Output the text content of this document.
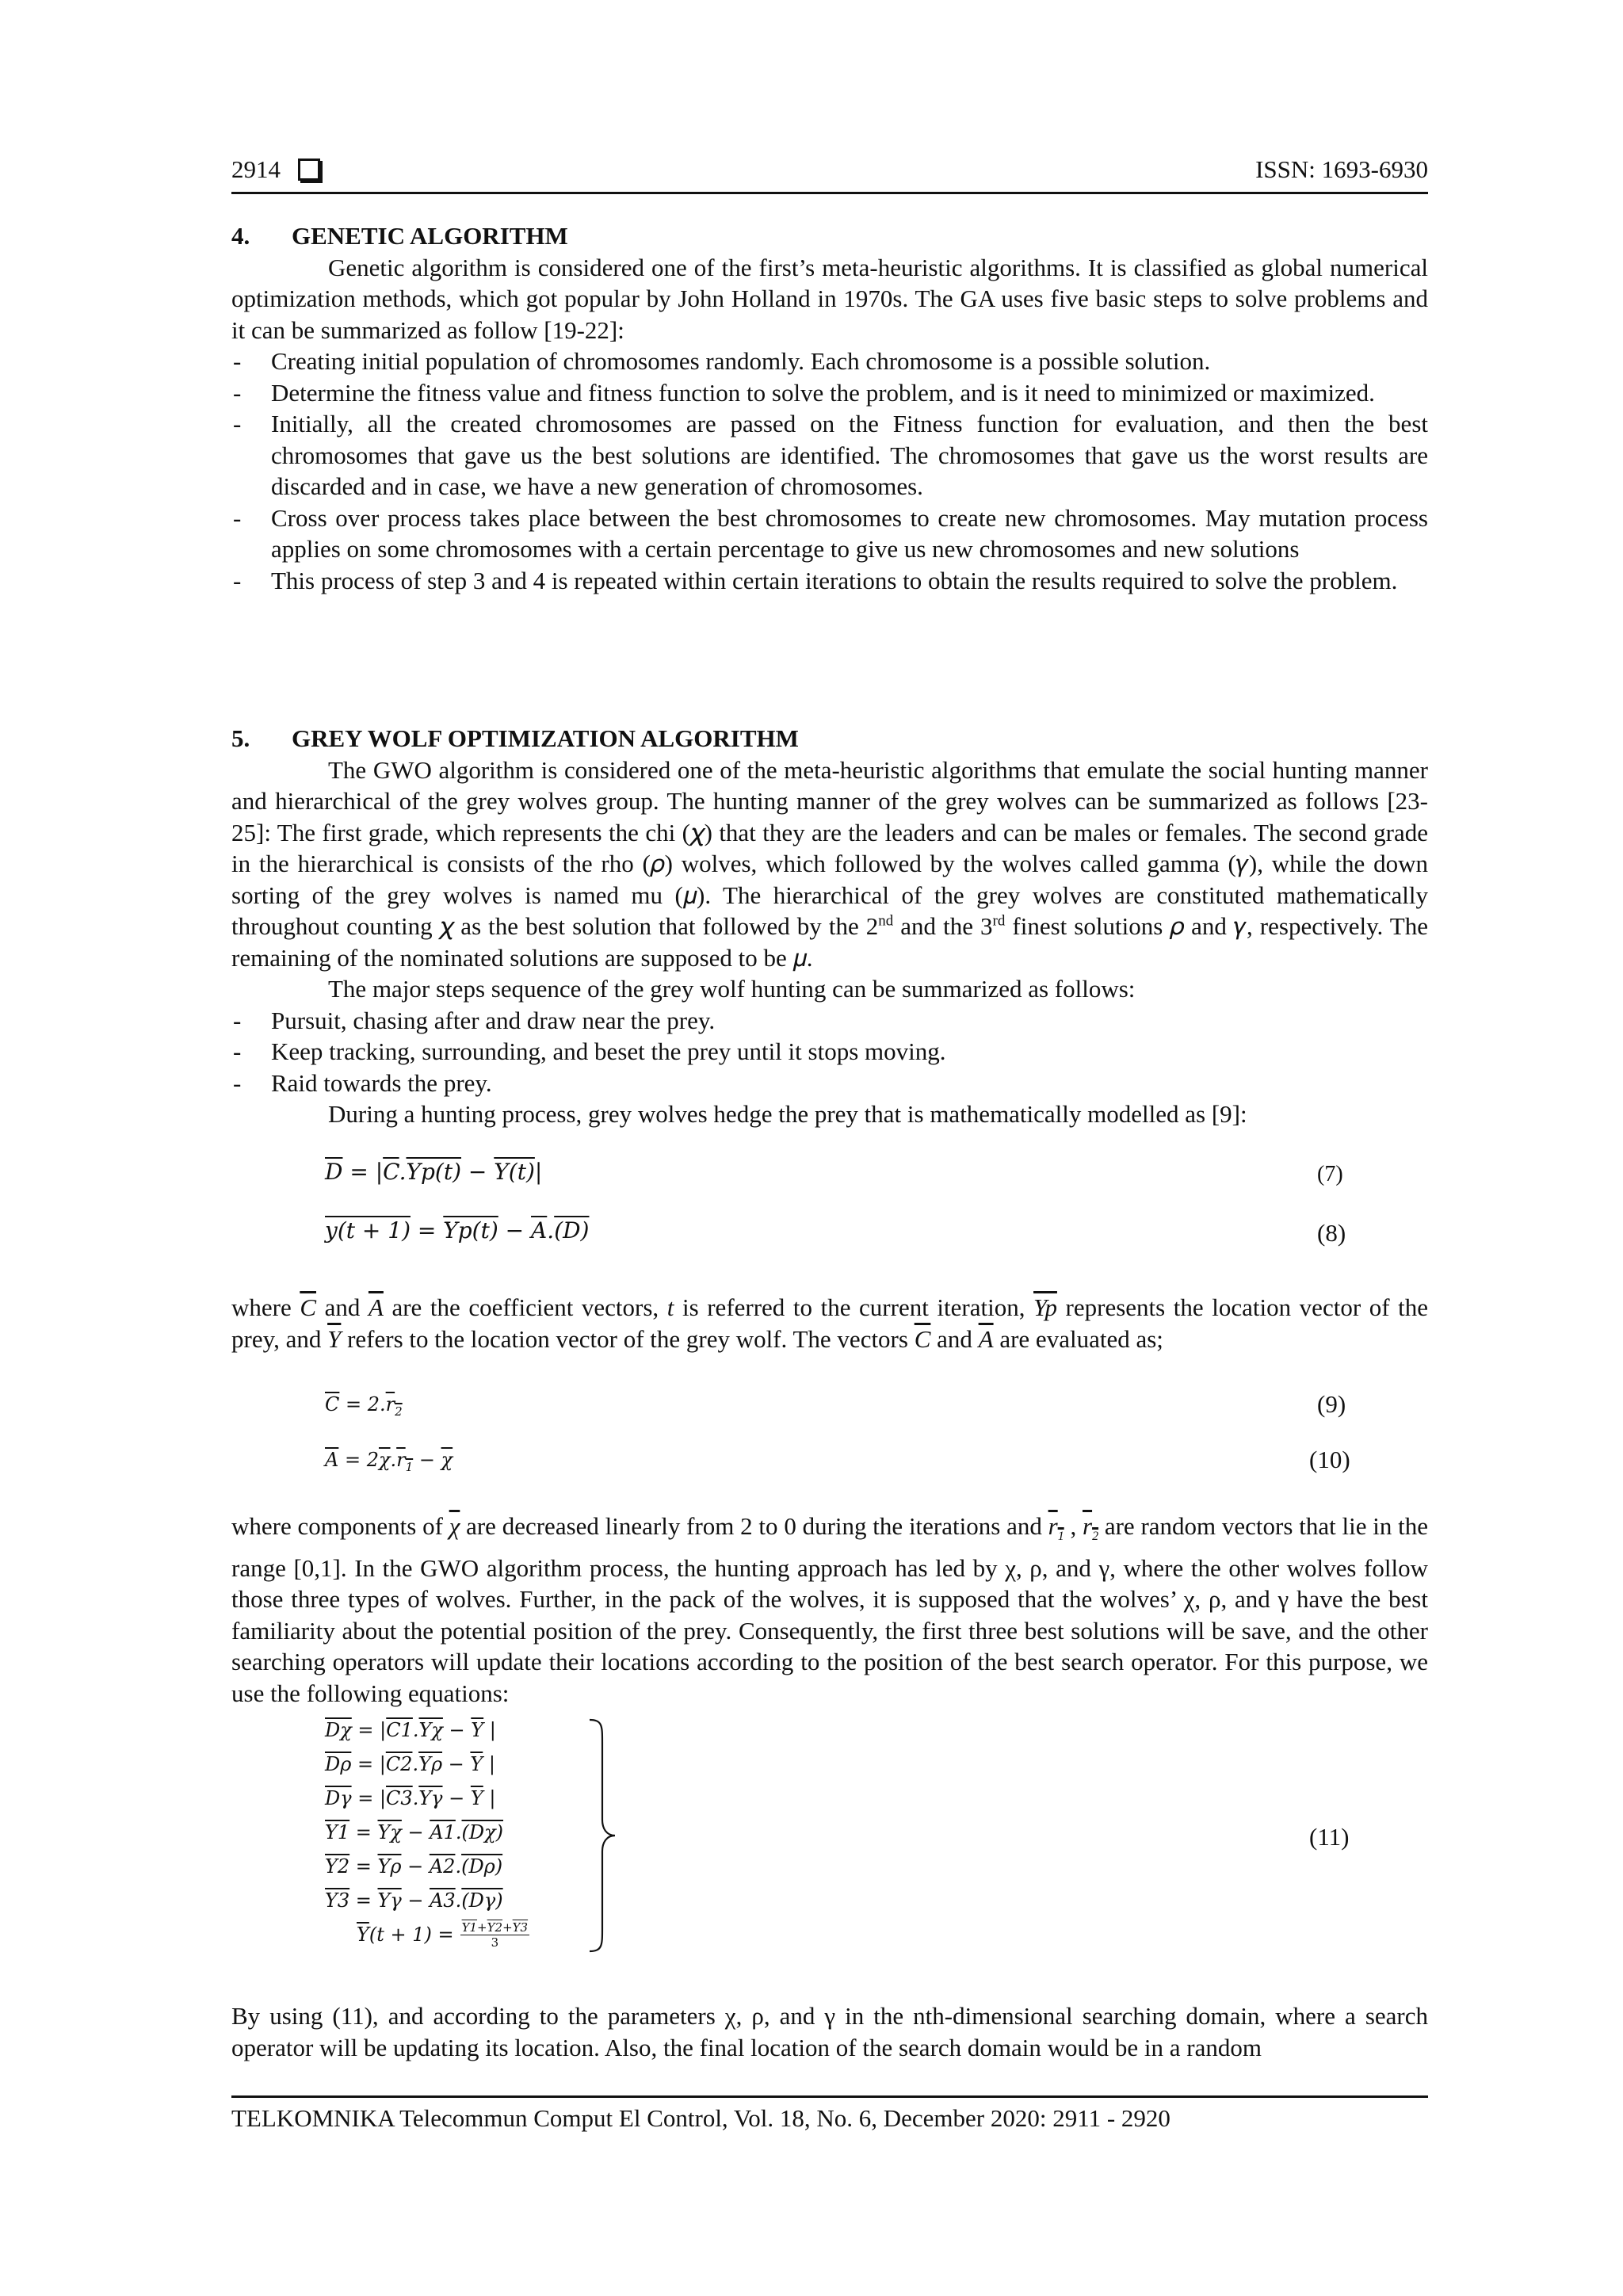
2914	ISSN: 1693-6930
4. GENETIC ALGORITHM
Genetic algorithm is considered one of the first’s meta-heuristic algorithms. It is classified as global numerical optimization methods, which got popular by John Holland in 1970s. The GA uses five basic steps to solve problems and it can be summarized as follow [19-22]:
- Creating initial population of chromosomes randomly. Each chromosome is a possible solution.
- Determine the fitness value and fitness function to solve the problem, and is it need to minimized or maximized.
- Initially, all the created chromosomes are passed on the Fitness function for evaluation, and then the best chromosomes that gave us the best solutions are identified. The chromosomes that gave us the worst results are discarded and in case, we have a new generation of chromosomes.
- Cross over process takes place between the best chromosomes to create new chromosomes. May mutation process applies on some chromosomes with a certain percentage to give us new chromosomes and new solutions
- This process of step 3 and 4 is repeated within certain iterations to obtain the results required to solve the problem.
5. GREY WOLF OPTIMIZATION ALGORITHM
The GWO algorithm is considered one of the meta-heuristic algorithms that emulate the social hunting manner and hierarchical of the grey wolves group. The hunting manner of the grey wolves can be summarized as follows [23-25]: The first grade, which represents the chi (𝜒) that they are the leaders and can be males or females. The second grade in the hierarchical is consists of the rho (𝜌) wolves, which followed by the wolves called gamma (𝛾), while the down sorting of the grey wolves is named mu (𝜇). The hierarchical of the grey wolves are constituted mathematically throughout counting 𝜒 as the best solution that followed by the 2nd and the 3rd finest solutions 𝜌 and 𝛾, respectively. The remaining of the nominated solutions are supposed to be 𝜇.
The major steps sequence of the grey wolf hunting can be summarized as follows:
- Pursuit, chasing after and draw near the prey.
- Keep tracking, surrounding, and beset the prey until it stops moving.
- Raid towards the prey.
During a hunting process, grey wolves hedge the prey that is mathematically modelled as [9]:
$\overline{D} = |\overline{C}.Yp(t) - Y(t)|$	(7)
$y(t + 1) = Yp(t) - \overline{A}.(D)$	(8)
where $\overline{C}$ and $\overline{A}$ are the coefficient vectors, t is referred to the current iteration, $\overline{Yp}$ represents the location vector of the prey, and $\overline{Y}$ refers to the location vector of the grey wolf. The vectors $\overline{C}$ and $\overline{A}$ are evaluated as;
$\overline{C} = 2.r_2$	(9)
$\overline{A} = 2\overline{\chi}.r_1 - \overline{\chi}$	(10)
where components of $\overline{\chi}$ are decreased linearly from 2 to 0 during the iterations and $r_1$ , $r_2$ are random vectors that lie in the range [0,1]. In the GWO algorithm process, the hunting approach has led by χ, ρ, and γ, where the other wolves follow those three types of wolves. Further, in the pack of the wolves, it is supposed that the wolves’ χ, ρ, and γ have the best familiarity about the potential position of the prey. Consequently, the first three best solutions will be save, and the other searching operators will update their locations according to the position of the best search operator. For this purpose, we use the following equations:
$\overline{D\chi} = |C1.\overline{Y\chi} - \overline{Y}$ |
$\overline{D\rho} = |C2.\overline{Y\rho} - \overline{Y}$ |
$\overline{D\gamma} = |C3.\overline{Y\gamma} - \overline{Y}$ |
$Y1 = \overline{Y\chi} - A1.(D\chi)$
$Y2 = \overline{Y\rho} - A2.(D\rho)$
$Y3 = \overline{Y\gamma} - A3.(D\gamma)$
$\overline{Y}(t + 1) = \frac{Y1+Y2+Y3}{3}$
(11)
By using (11), and according to the parameters χ, ρ, and γ in the nth-dimensional searching domain, where a search operator will be updating its location. Also, the final location of the search domain would be in a random
TELKOMNIKA Telecommun Comput El Control, Vol. 18, No. 6, December 2020: 2911 - 2920
